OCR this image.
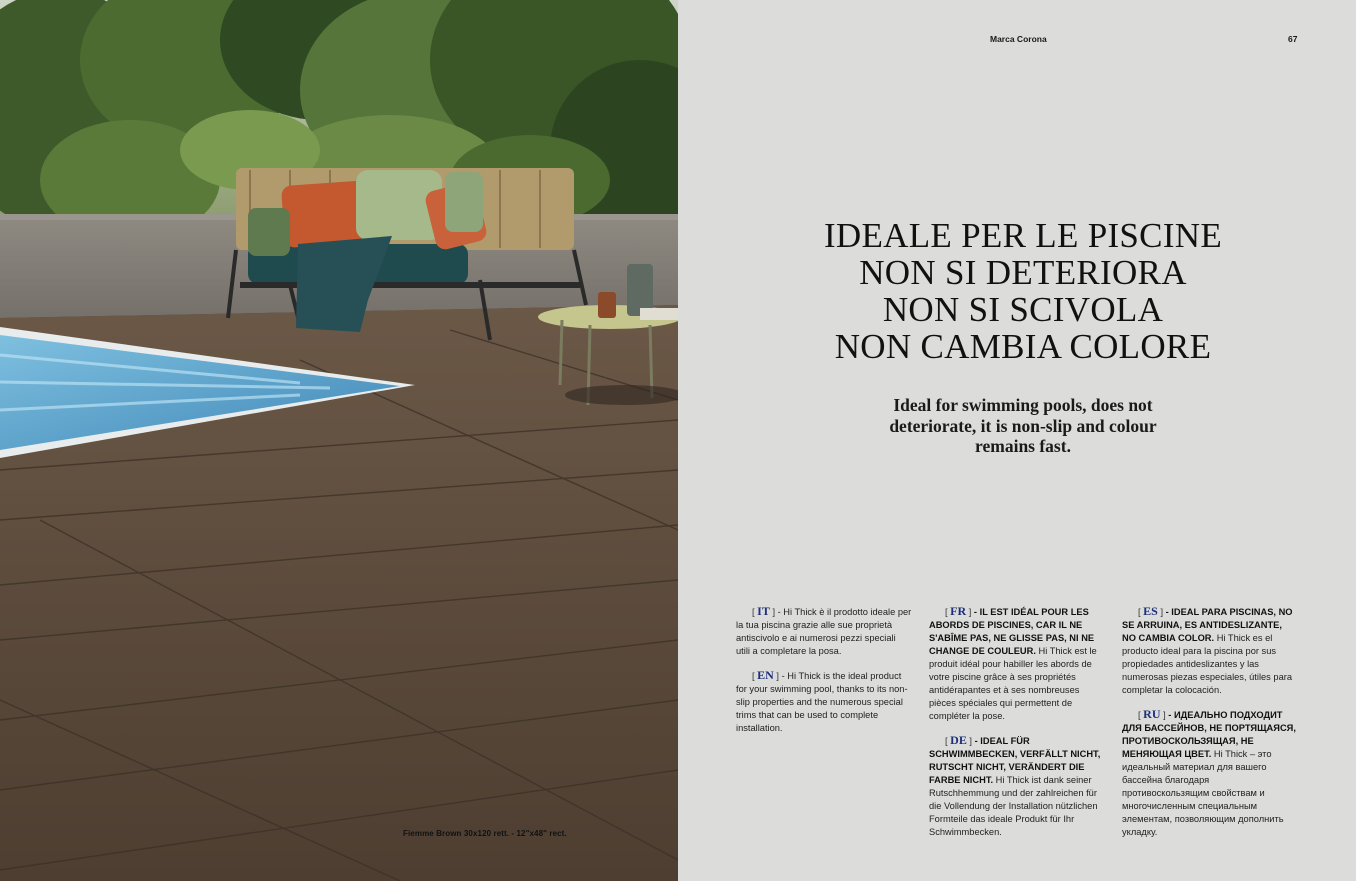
Fiemme Brown 30x120 rett. - 12"x48" rect.
Marca Corona	67
IDEALE PER LE PISCINE
NON SI DETERIORA
NON SI SCIVOLA
NON CAMBIA COLORE
Ideal for swimming pools, does not deteriorate, it is non-slip and colour remains fast.

[ IT ] - Hi Thick è il prodotto ideale per la tua piscina grazie alle sue proprietà antiscivolo e ai numerosi pezzi speciali utili a completare la posa.

[ EN ] - Hi Thick is the ideal product for your swimming pool, thanks to its non-slip properties and the numerous special trims that can be used to complete installation.

[ FR ] - IL EST IDÉAL POUR LES ABORDS DE PISCINES, CAR IL NE S'ABÎME PAS, NE GLISSE PAS, NI NE CHANGE DE COULEUR. Hi Thick est le produit idéal pour habiller les abords de votre piscine grâce à ses propriétés antidérapantes et à ses nombreuses pièces spéciales qui permettent de compléter la pose.

[ DE ] - IDEAL FÜR SCHWIMMBECKEN, VERFÄLLT NICHT, RUTSCHT NICHT, VERÄNDERT DIE FARBE NICHT. Hi Thick ist dank seiner Rutschhemmung und der zahlreichen für die Vollendung der Installation nützlichen Formteile das ideale Produkt für Ihr Schwimmbecken.

[ ES ] - IDEAL PARA PISCINAS, NO SE ARRUINA, ES ANTIDESLIZANTE, NO CAMBIA COLOR. Hi Thick es el producto ideal para la piscina por sus propiedades antideslizantes y las numerosas piezas especiales, útiles para completar la colocación.

[ RU ] - ИДЕАЛЬНО ПОДХОДИТ ДЛЯ БАССЕЙНОВ, НЕ ПОРТЯЩАЯСЯ, ПРОТИВОСКОЛЬЗЯЩАЯ, НЕ МЕНЯЮЩАЯ ЦВЕТ. Hi Thick – это идеальный материал для вашего бассейна благодаря противоскользящим свойствам и многочисленным специальным элементам, позволяющим дополнить укладку.
